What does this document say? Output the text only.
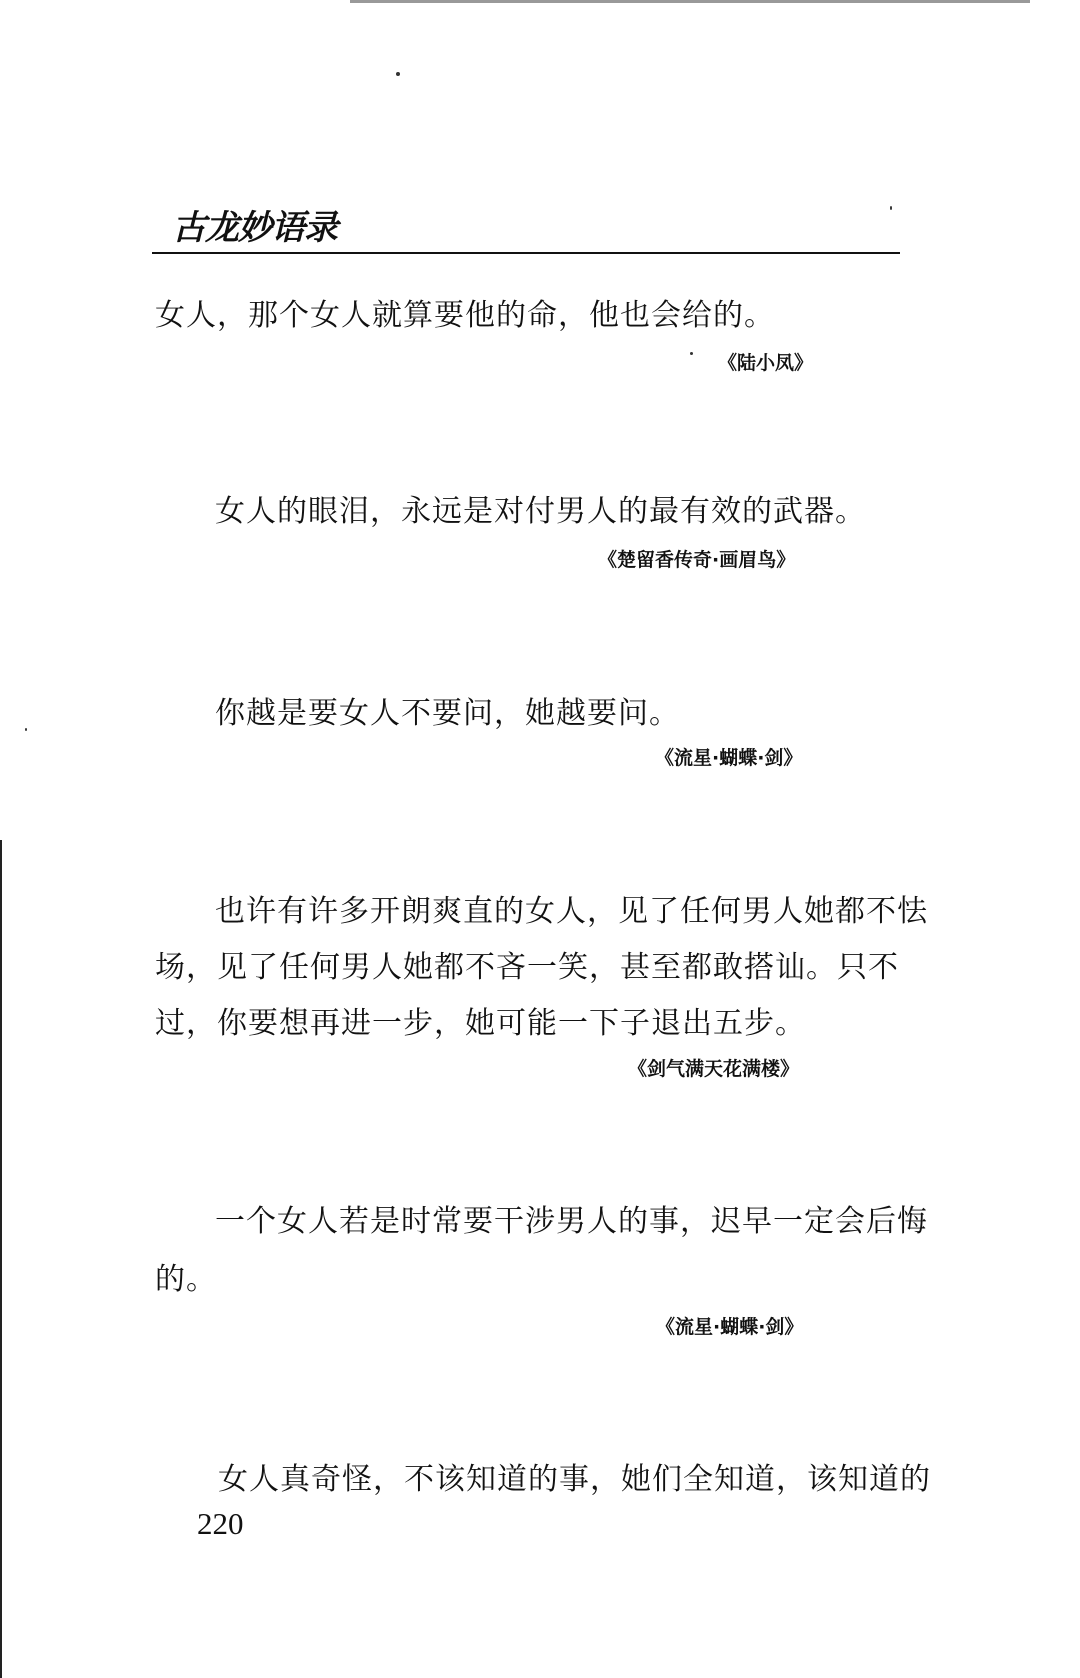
古龙妙语录
女人，那个女人就算要他的命，他也会给的。
《陆小凤》
女人的眼泪，永远是对付男人的最有效的武器。
《楚留香传奇·画眉鸟》
你越是要女人不要问，她越要问。
《流星·蝴蝶·剑》
也许有许多开朗爽直的女人，见了任何男人她都不怯
场，见了任何男人她都不吝一笑，甚至都敢搭讪。只不
过，你要想再进一步，她可能一下子退出五步。
《剑气满天花满楼》
一个女人若是时常要干涉男人的事，迟早一定会后悔
的。
《流星·蝴蝶·剑》
女人真奇怪，不该知道的事，她们全知道，该知道的
220
